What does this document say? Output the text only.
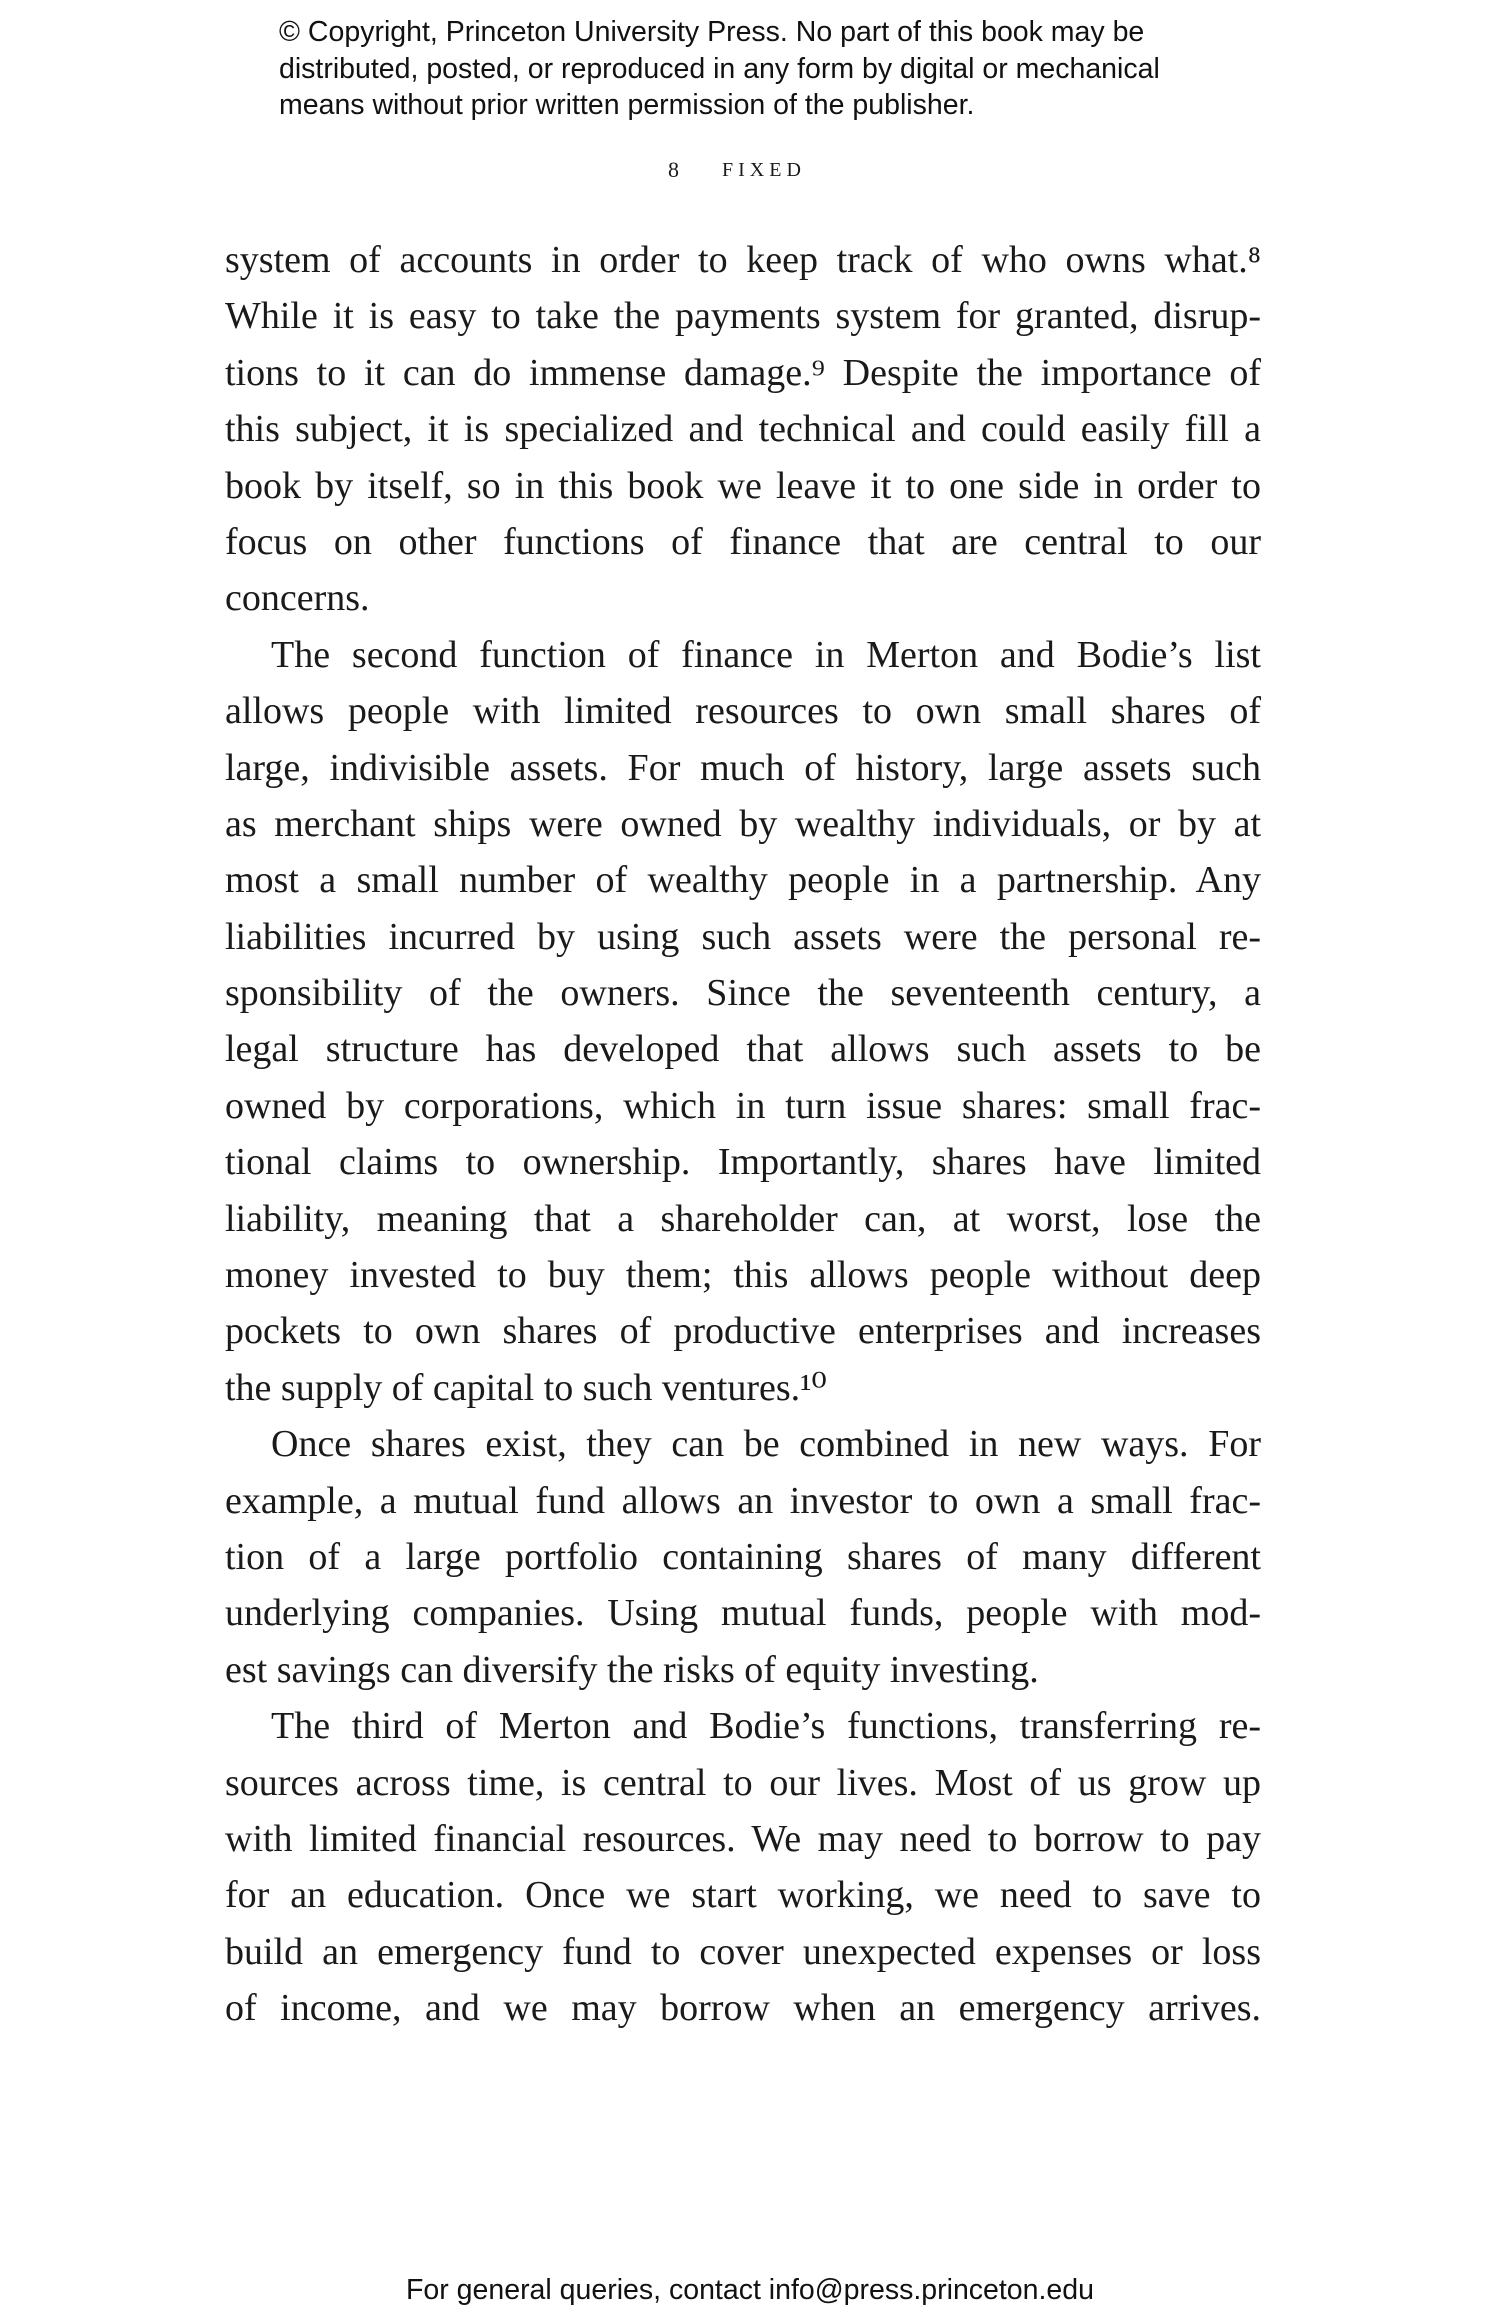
© Copyright, Princeton University Press. No part of this book may be

distributed, posted, or reproduced in any form by digital or mechanical

means without prior written permission of the publisher.

8 FIXED
system of accounts in order to keep track of who owns what.⁸
While it is easy to take the payments system for granted, disrup-
tions to it can do immense damage.⁹ Despite the importance of
this subject, it is specialized and technical and could easily fill a
book by itself, so in this book we leave it to one side in order to
focus on other functions of finance that are central to our
concerns.
The second function of finance in Merton and Bodie’s list
allows people with limited resources to own small shares of
large, indivisible assets. For much of history, large assets such
as merchant ships were owned by wealthy individuals, or by at
most a small number of wealthy people in a partnership. Any
liabilities incurred by using such assets were the personal re-
sponsibility of the owners. Since the seventeenth century, a
legal structure has developed that allows such assets to be
owned by corporations, which in turn issue shares: small frac-
tional claims to ownership. Importantly, shares have limited
liability, meaning that a shareholder can, at worst, lose the
money invested to buy them; this allows people without deep
pockets to own shares of productive enterprises and increases
the supply of capital to such ventures.¹⁰
Once shares exist, they can be combined in new ways. For
example, a mutual fund allows an investor to own a small frac-
tion of a large portfolio containing shares of many different
underlying companies. Using mutual funds, people with mod-
est savings can diversify the risks of equity investing.
The third of Merton and Bodie’s functions, transferring re-
sources across time, is central to our lives. Most of us grow up
with limited financial resources. We may need to borrow to pay
for an education. Once we start working, we need to save to
build an emergency fund to cover unexpected expenses or loss
of income, and we may borrow when an emergency arrives.
For general queries, contact info@press.princeton.edu
